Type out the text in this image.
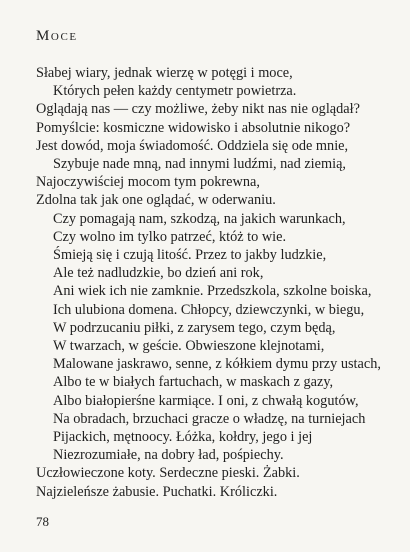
Moce
Słabej wiary, jednak wierzę w potęgi i moce,
Których pełen każdy centymetr powietrza.
Oglądają nas — czy możliwe, żeby nikt nas nie oglądał?
Pomyślcie: kosmiczne widowisko i absolutnie nikogo?
Jest dowód, moja świadomość. Oddziela się ode mnie,
Szybuje nade mną, nad innymi ludźmi, nad ziemią,
Najoczywiściej mocom tym pokrewna,
Zdolna tak jak one oglądać, w oderwaniu.
Czy pomagają nam, szkodzą, na jakich warunkach,
Czy wolno im tylko patrzeć, któż to wie.
Śmieją się i czują litość. Przez to jakby ludzkie,
Ale też nadludzkie, bo dzień ani rok,
Ani wiek ich nie zamknie. Przedszkola, szkolne boiska,
Ich ulubiona domena. Chłopcy, dziewczynki, w biegu,
W podrzucaniu piłki, z zarysem tego, czym będą,
W twarzach, w geście. Obwieszone klejnotami,
Malowane jaskrawo, senne, z kółkiem dymu przy ustach,
Albo te w białych fartuchach, w maskach z gazy,
Albo białopierśne karmiące. I oni, z chwałą kogutów,
Na obradach, brzuchaci gracze o władzę, na turniejach
Pijackich, mętnoocy. Łóżka, kołdry, jego i jej
Niezrozumiałe, na dobry ład, pośpiechy.
Uczłowieczone koty. Serdeczne pieski. Żabki.
Najzieleńsze żabusie. Puchatki. Króliczki.
78
